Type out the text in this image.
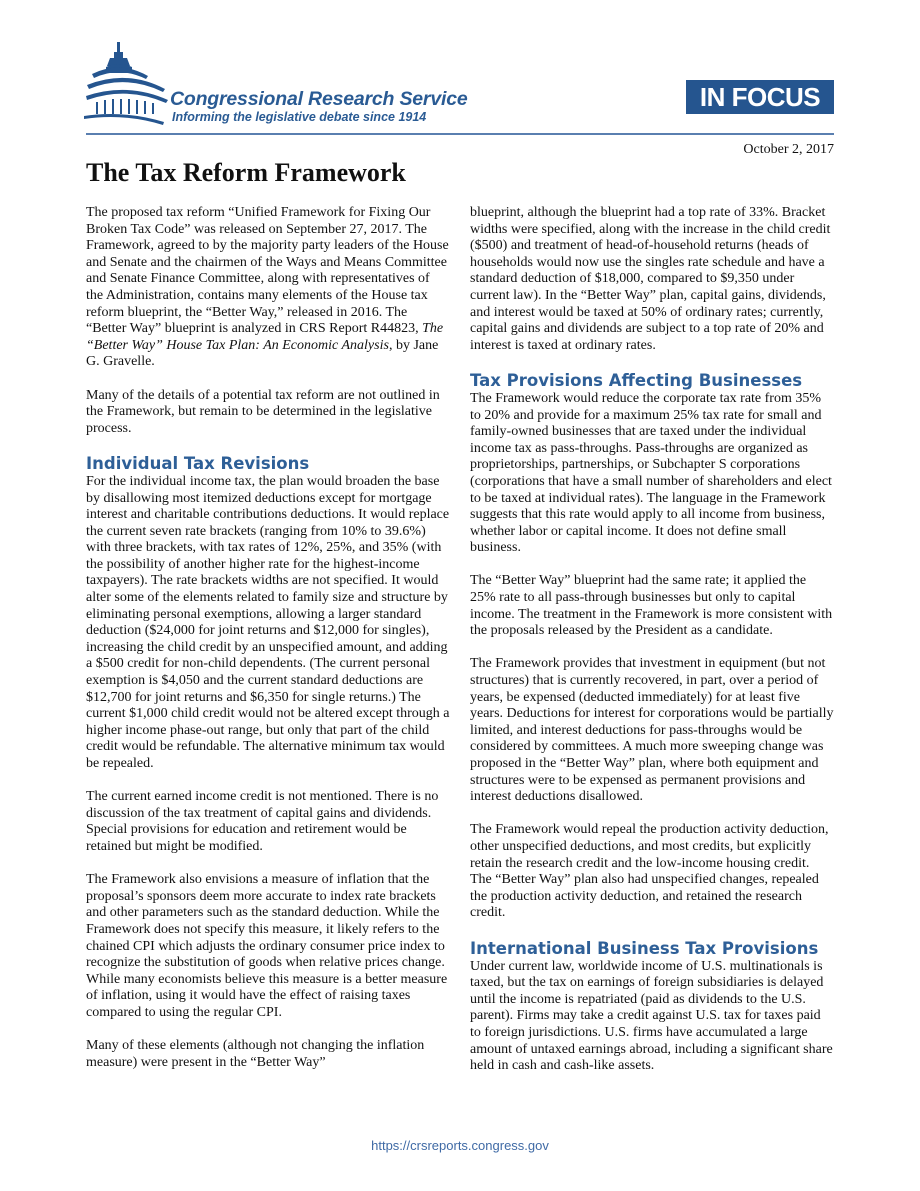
Congressional Research Service
Informing the legislative debate since 1914
IN FOCUS
October 2, 2017
The Tax Reform Framework

The proposed tax reform “Unified Framework for Fixing Our Broken Tax Code” was released on September 27, 2017. The Framework, agreed to by the majority party leaders of the House and Senate and the chairmen of the Ways and Means Committee and Senate Finance Committee, along with representatives of the Administration, contains many elements of the House tax reform blueprint, the “Better Way,” released in 2016. The “Better Way” blueprint is analyzed in CRS Report R44823, The “Better Way” House Tax Plan: An Economic Analysis, by Jane G. Gravelle.

Many of the details of a potential tax reform are not outlined in the Framework, but remain to be determined in the legislative process.

Individual Tax Revisions

For the individual income tax, the plan would broaden the base by disallowing most itemized deductions except for mortgage interest and charitable contributions deductions. It would replace the current seven rate brackets (ranging from 10% to 39.6%) with three brackets, with tax rates of 12%, 25%, and 35% (with the possibility of another higher rate for the highest-income taxpayers). The rate brackets widths are not specified. It would alter some of the elements related to family size and structure by eliminating personal exemptions, allowing a larger standard deduction ($24,000 for joint returns and $12,000 for singles), increasing the child credit by an unspecified amount, and adding a $500 credit for non-child dependents. (The current personal exemption is $4,050 and the current standard deductions are $12,700 for joint returns and $6,350 for single returns.) The current $1,000 child credit would not be altered except through a higher income phase-out range, but only that part of the child credit would be refundable. The alternative minimum tax would be repealed.

The current earned income credit is not mentioned. There is no discussion of the tax treatment of capital gains and dividends. Special provisions for education and retirement would be retained but might be modified.

The Framework also envisions a measure of inflation that the proposal’s sponsors deem more accurate to index rate brackets and other parameters such as the standard deduction. While the Framework does not specify this measure, it likely refers to the chained CPI which adjusts the ordinary consumer price index to recognize the substitution of goods when relative prices change. While many economists believe this measure is a better measure of inflation, using it would have the effect of raising taxes compared to using the regular CPI.

Many of these elements (although not changing the inflation measure) were present in the “Better Way”

blueprint, although the blueprint had a top rate of 33%. Bracket widths were specified, along with the increase in the child credit ($500) and treatment of head-of-household returns (heads of households would now use the singles rate schedule and have a standard deduction of $18,000, compared to $9,350 under current law). In the “Better Way” plan, capital gains, dividends, and interest would be taxed at 50% of ordinary rates; currently, capital gains and dividends are subject to a top rate of 20% and interest is taxed at ordinary rates.

Tax Provisions Affecting Businesses

The Framework would reduce the corporate tax rate from 35% to 20% and provide for a maximum 25% tax rate for small and family-owned businesses that are taxed under the individual income tax as pass-throughs. Pass-throughs are organized as proprietorships, partnerships, or Subchapter S corporations (corporations that have a small number of shareholders and elect to be taxed at individual rates). The language in the Framework suggests that this rate would apply to all income from business, whether labor or capital income. It does not define small business.

The “Better Way” blueprint had the same rate; it applied the 25% rate to all pass-through businesses but only to capital income. The treatment in the Framework is more consistent with the proposals released by the President as a candidate.

The Framework provides that investment in equipment (but not structures) that is currently recovered, in part, over a period of years, be expensed (deducted immediately) for at least five years. Deductions for interest for corporations would be partially limited, and interest deductions for pass-throughs would be considered by committees. A much more sweeping change was proposed in the “Better Way” plan, where both equipment and structures were to be expensed as permanent provisions and interest deductions disallowed.

The Framework would repeal the production activity deduction, other unspecified deductions, and most credits, but explicitly retain the research credit and the low-income housing credit. The “Better Way” plan also had unspecified changes, repealed the production activity deduction, and retained the research credit.

International Business Tax Provisions

Under current law, worldwide income of U.S. multinationals is taxed, but the tax on earnings of foreign subsidiaries is delayed until the income is repatriated (paid as dividends to the U.S. parent). Firms may take a credit against U.S. tax for taxes paid to foreign jurisdictions. U.S. firms have accumulated a large amount of untaxed earnings abroad, including a significant share held in cash and cash-like assets.

https://crsreports.congress.gov
